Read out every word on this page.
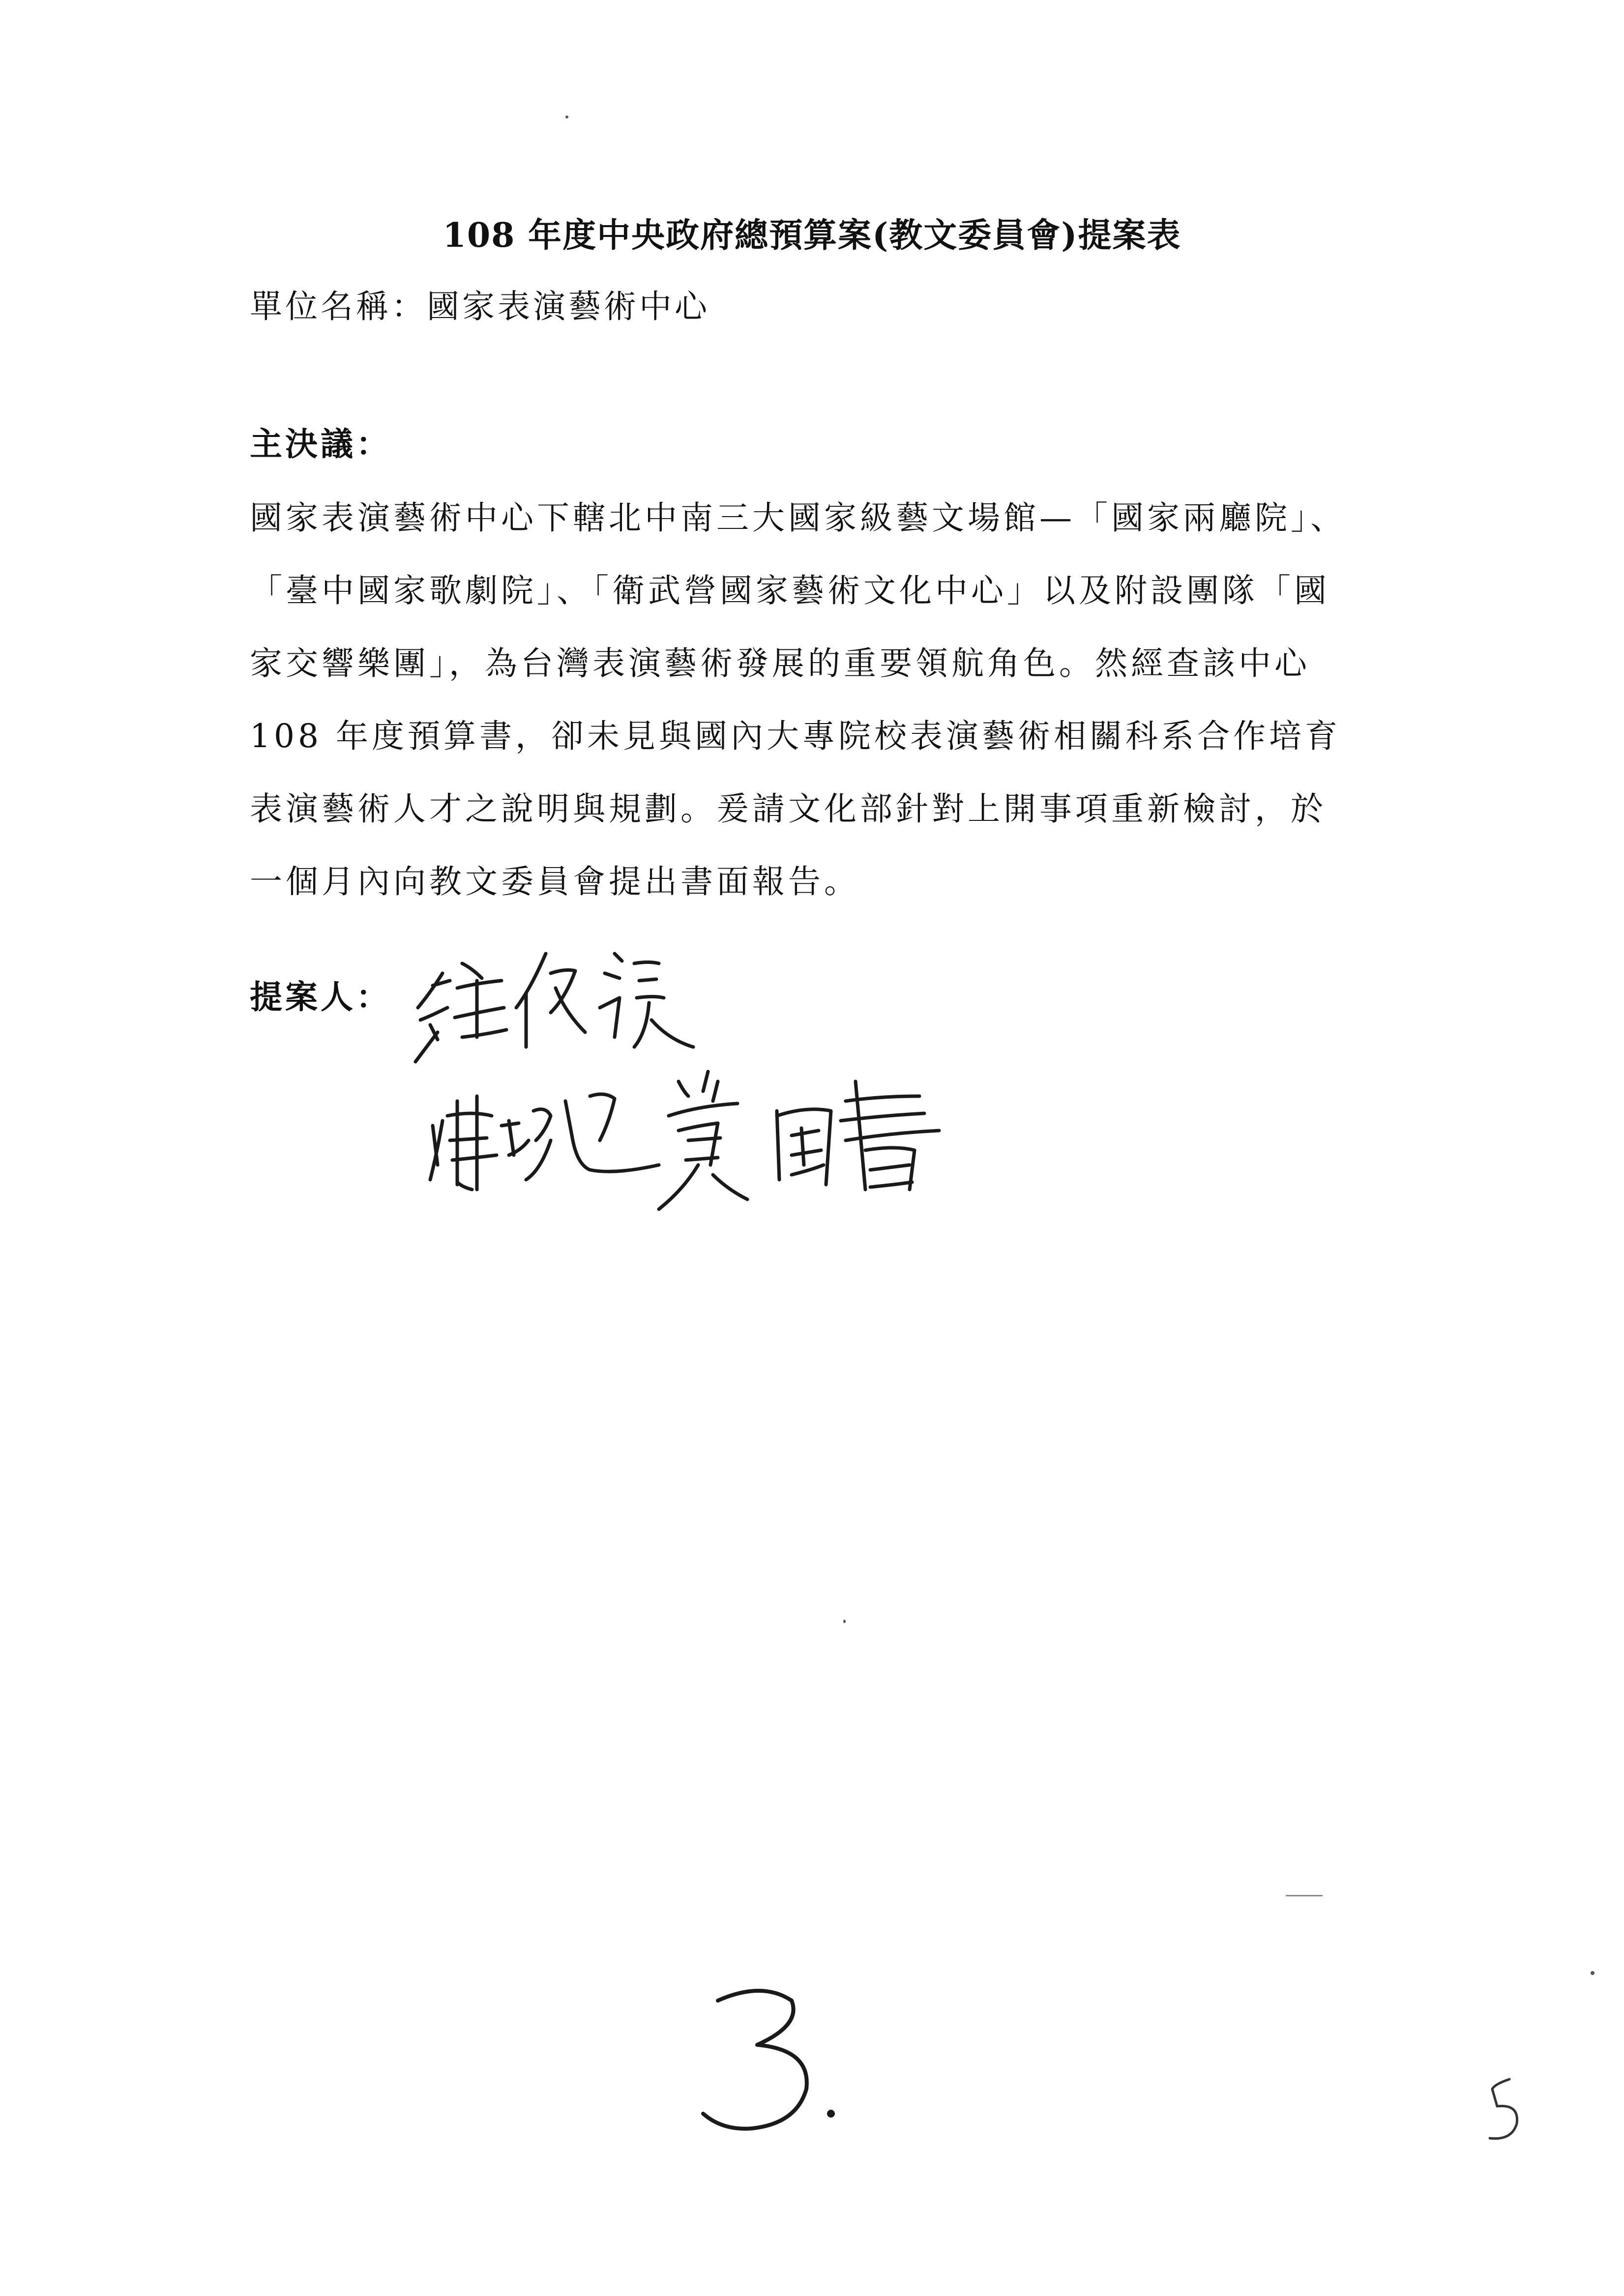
108 年度中央政府總預算案(教文委員會)提案表
單位名稱：國家表演藝術中心
主決議：
國家表演藝術中心下轄北中南三大國家級藝文場館—「國家兩廳院」、
「臺中國家歌劇院」、「衛武營國家藝術文化中心」以及附設團隊「國
家交響樂團」，為台灣表演藝術發展的重要領航角色。然經查該中心
108 年度預算書，卻未見與國內大專院校表演藝術相關科系合作培育
表演藝術人才之說明與規劃。爰請文化部針對上開事項重新檢討，於
一個月內向教文委員會提出書面報告。
提案人：
3.
5
